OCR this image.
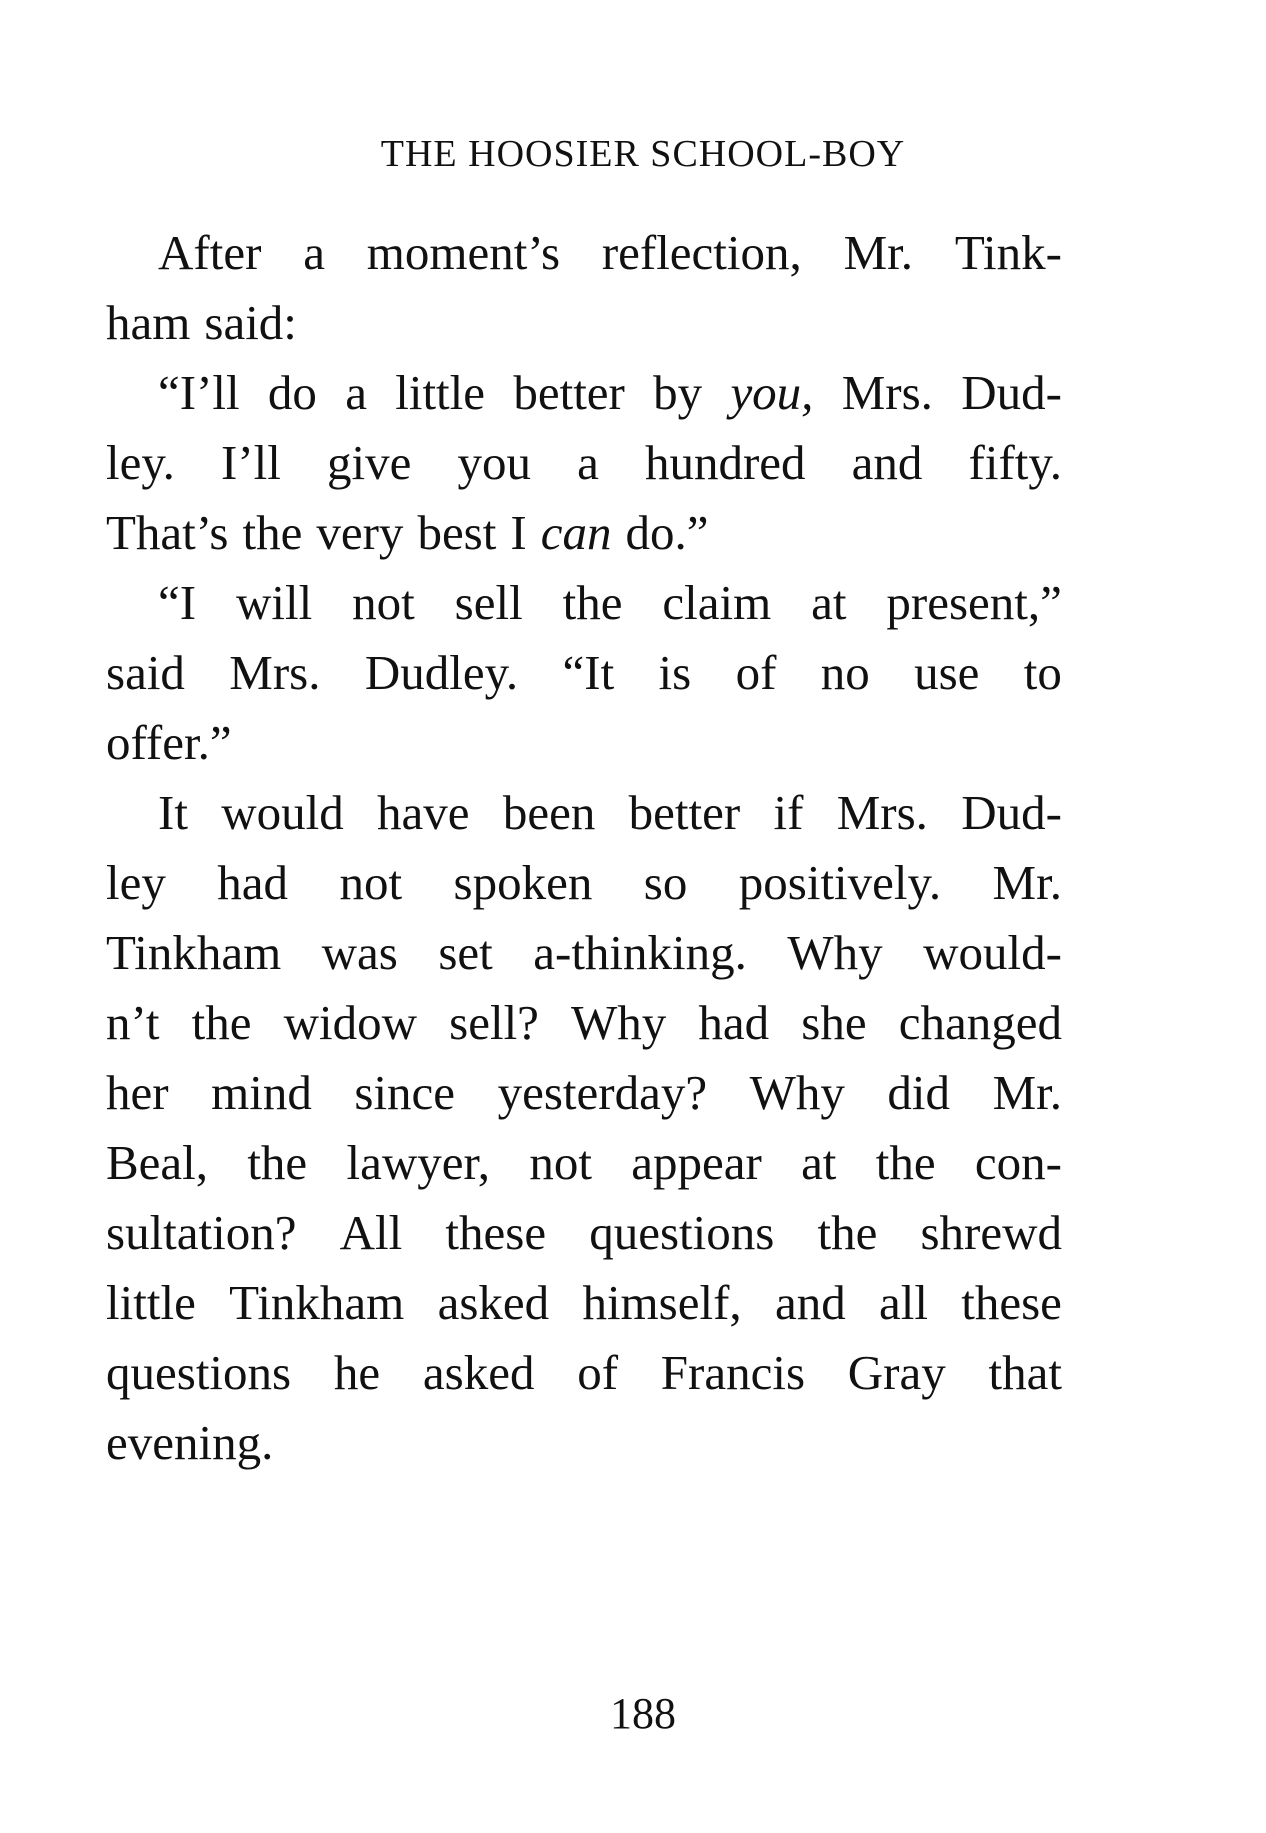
THE HOOSIER SCHOOL-BOY
After a moment’s reflection, Mr. Tink-
ham said:
“I’ll do a little better by you, Mrs. Dud-
ley. I’ll give you a hundred and fifty.
That’s the very best I can do.”
“I will not sell the claim at present,”
said Mrs. Dudley. “It is of no use to
offer.”
It would have been better if Mrs. Dud-
ley had not spoken so positively. Mr.
Tinkham was set a-thinking. Why would-
n’t the widow sell? Why had she changed
her mind since yesterday? Why did Mr.
Beal, the lawyer, not appear at the con-
sultation? All these questions the shrewd
little Tinkham asked himself, and all these
questions he asked of Francis Gray that
evening.
188
